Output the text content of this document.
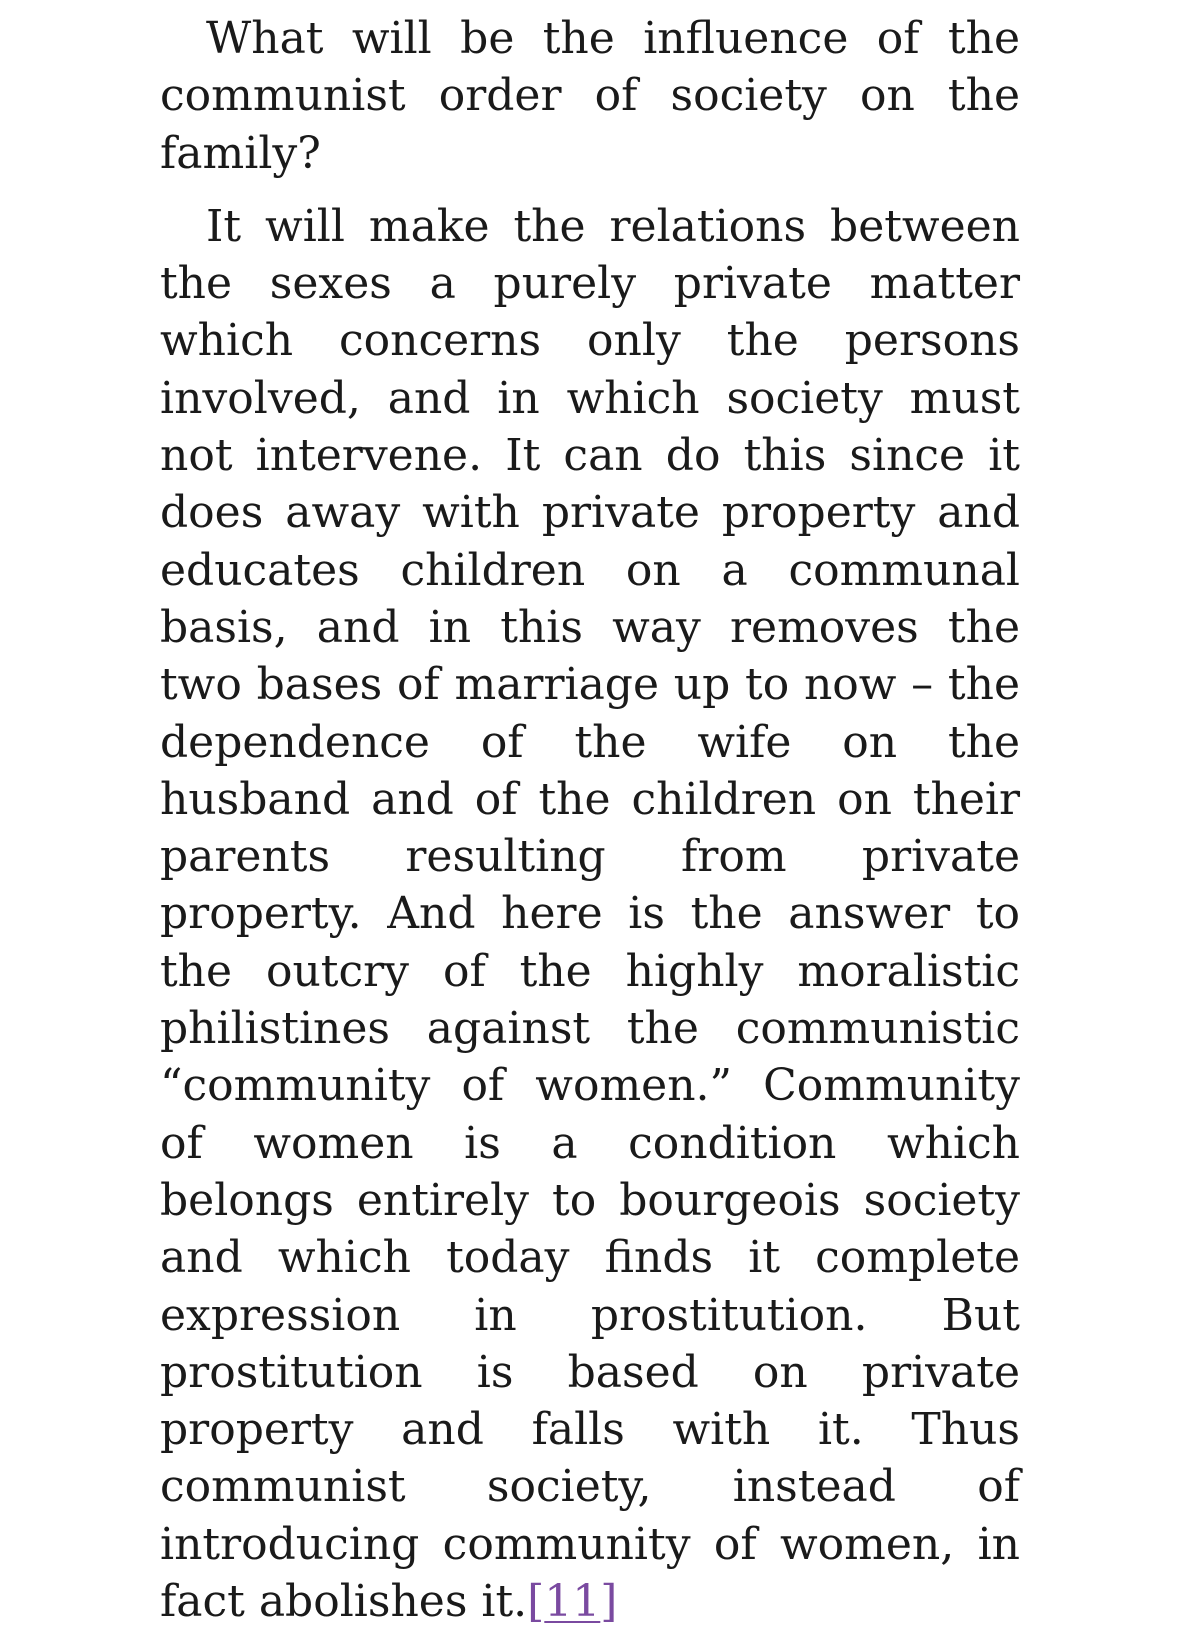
What will be the influence of the communist order of society on the family?

It will make the relations between the sexes a purely private matter which concerns only the persons involved, and in which society must not intervene. It can do this since it does away with private property and educates children on a communal basis, and in this way removes the two bases of marriage up to now – the dependence of the wife on the husband and of the children on their parents resulting from private property. And here is the answer to the outcry of the highly moralistic philistines against the communistic “community of women.” Community of women is a condition which belongs entirely to bourgeois society and which today finds it complete expression in prostitution. But prostitution is based on private property and falls with it. Thus communist society, instead of introducing community of women, in fact abolishes it.[11]
